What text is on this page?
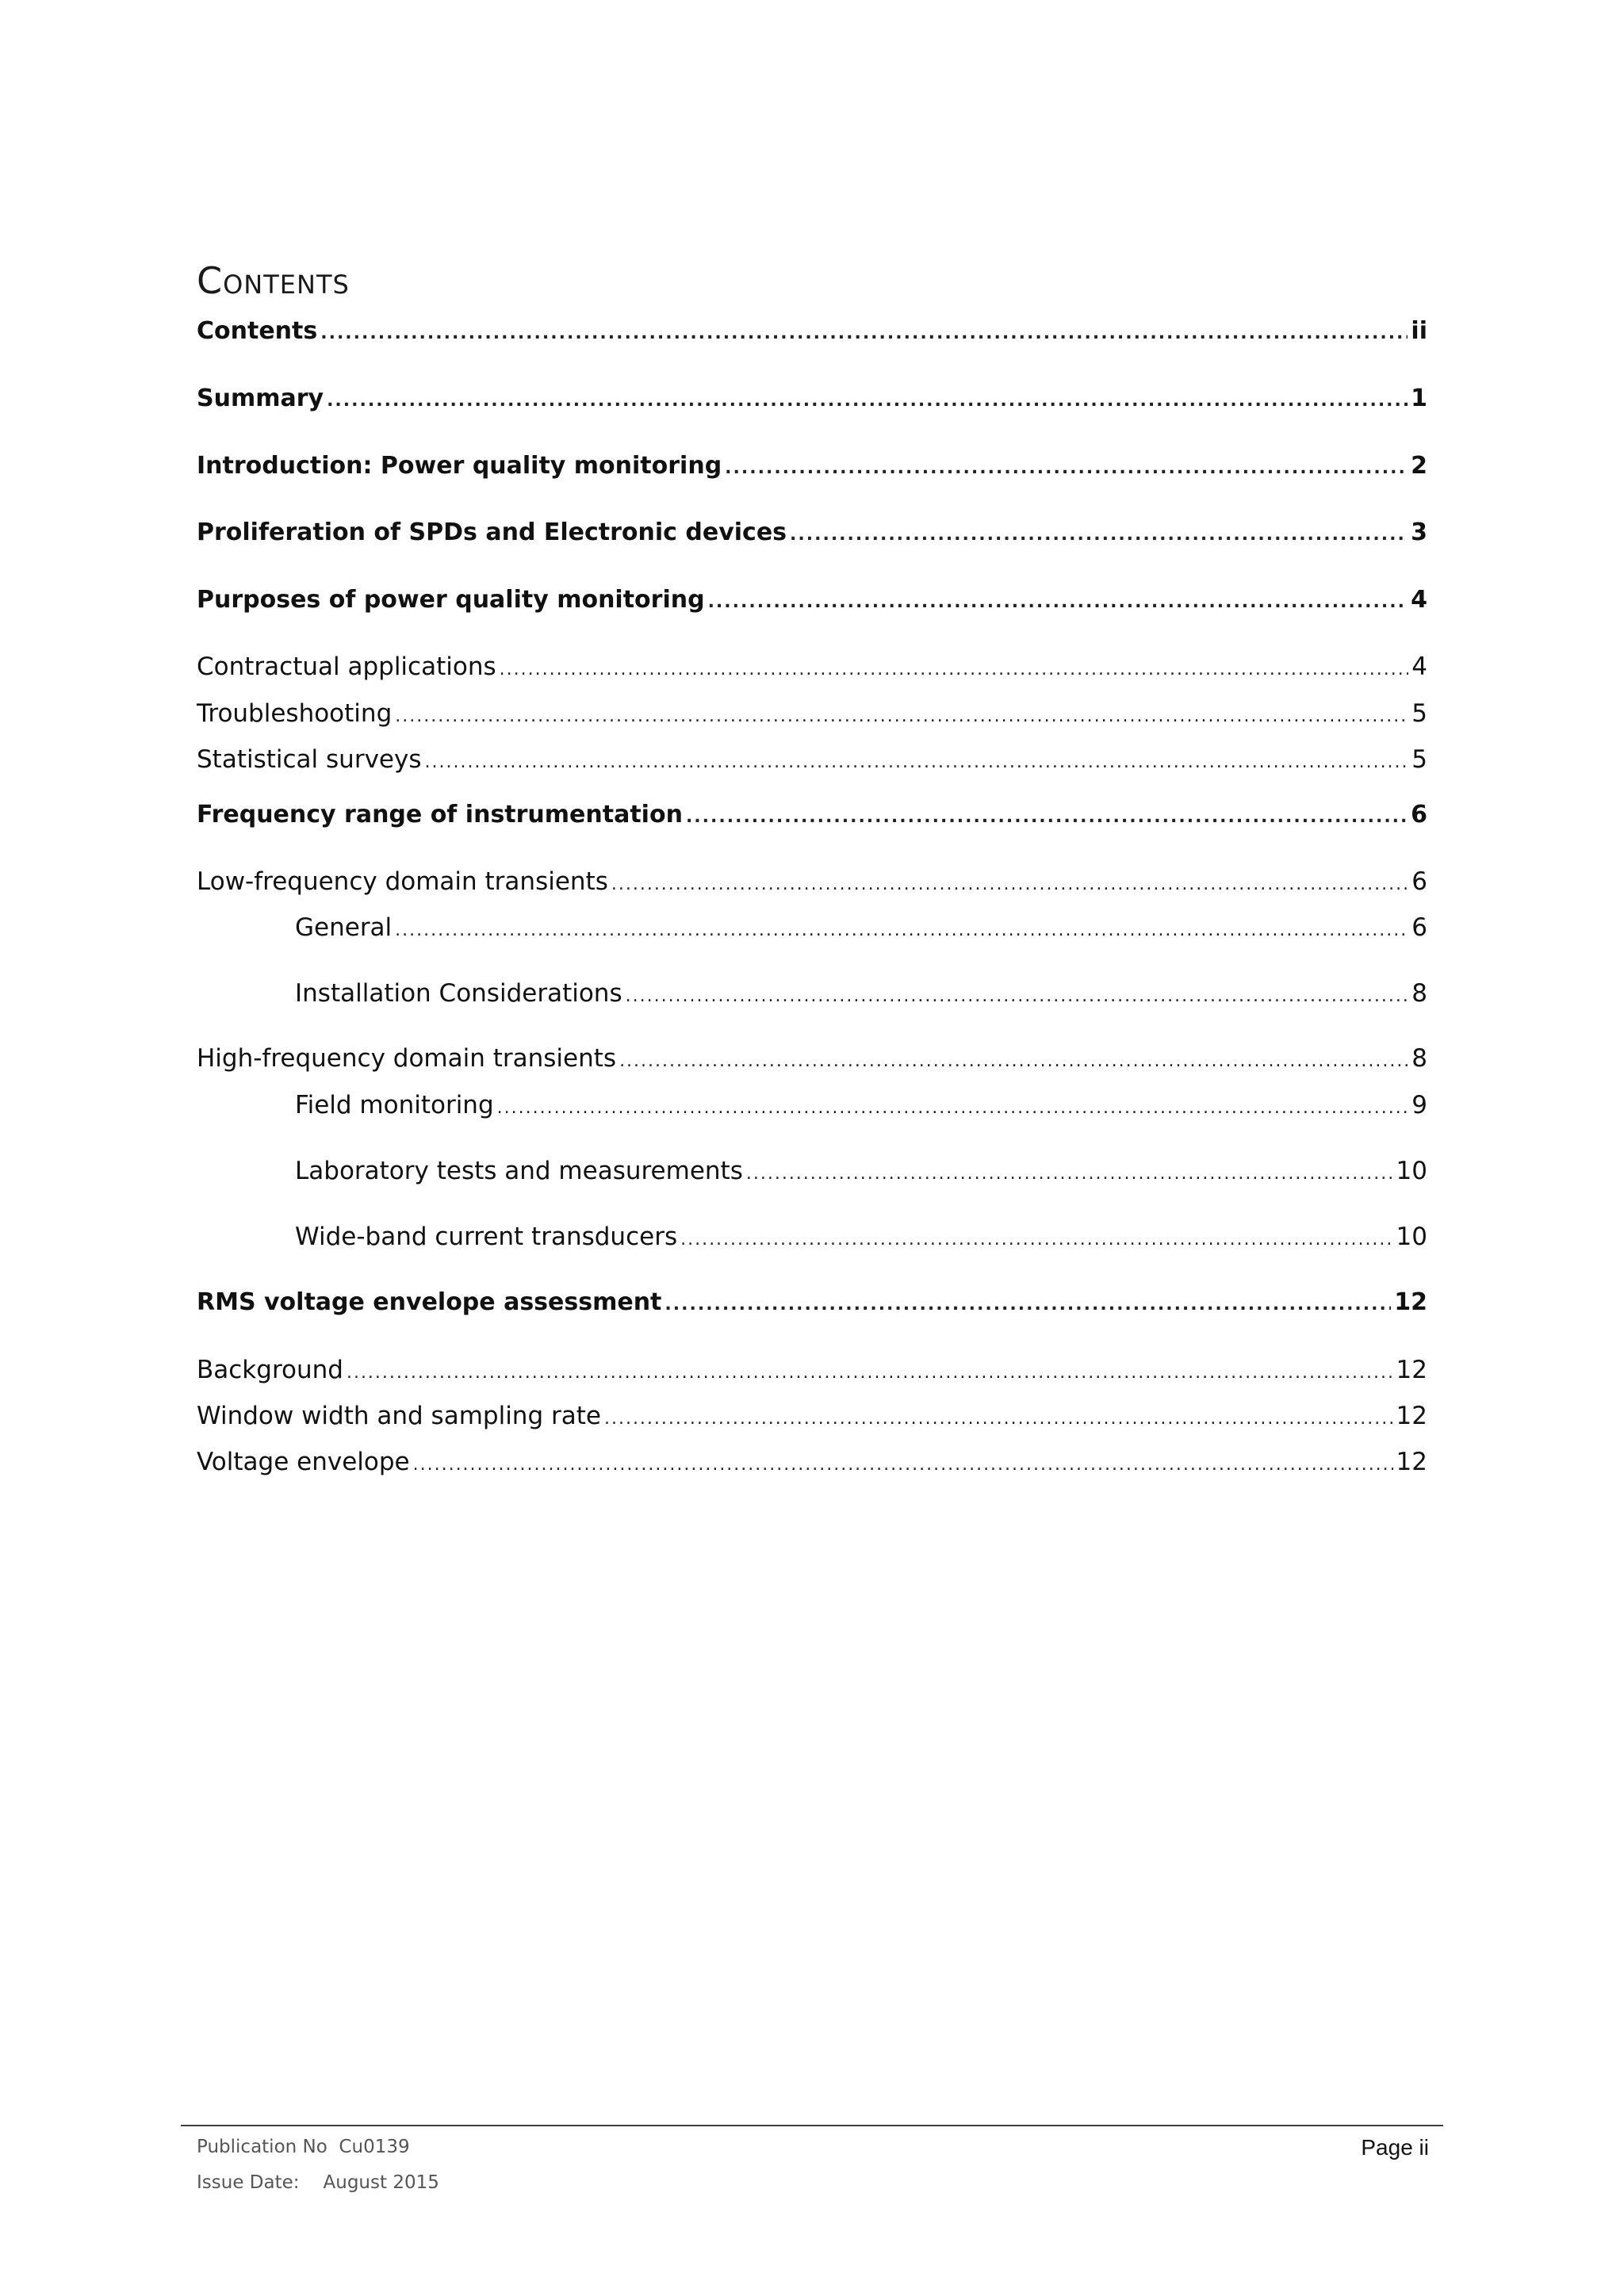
Contents
Contents .....	ii
Summary .....	1
Introduction: Power quality monitoring .....	2
Proliferation of SPDs and Electronic devices .....	3
Purposes of power quality monitoring .....	4
Contractual applications .....	4
Troubleshooting .....	5
Statistical surveys .....	5
Frequency range of instrumentation .....	6
Low-frequency domain transients .....	6
General .....	6
Installation Considerations .....	8
High-frequency domain transients .....	8
Field monitoring .....	9
Laboratory tests and measurements .....	10
Wide-band current transducers .....	10
RMS voltage envelope assessment .....	12
Background .....	12
Window width and sampling rate .....	12
Voltage envelope .....	12
Publication No  Cu0139	Page ii
Issue Date: August 2015
